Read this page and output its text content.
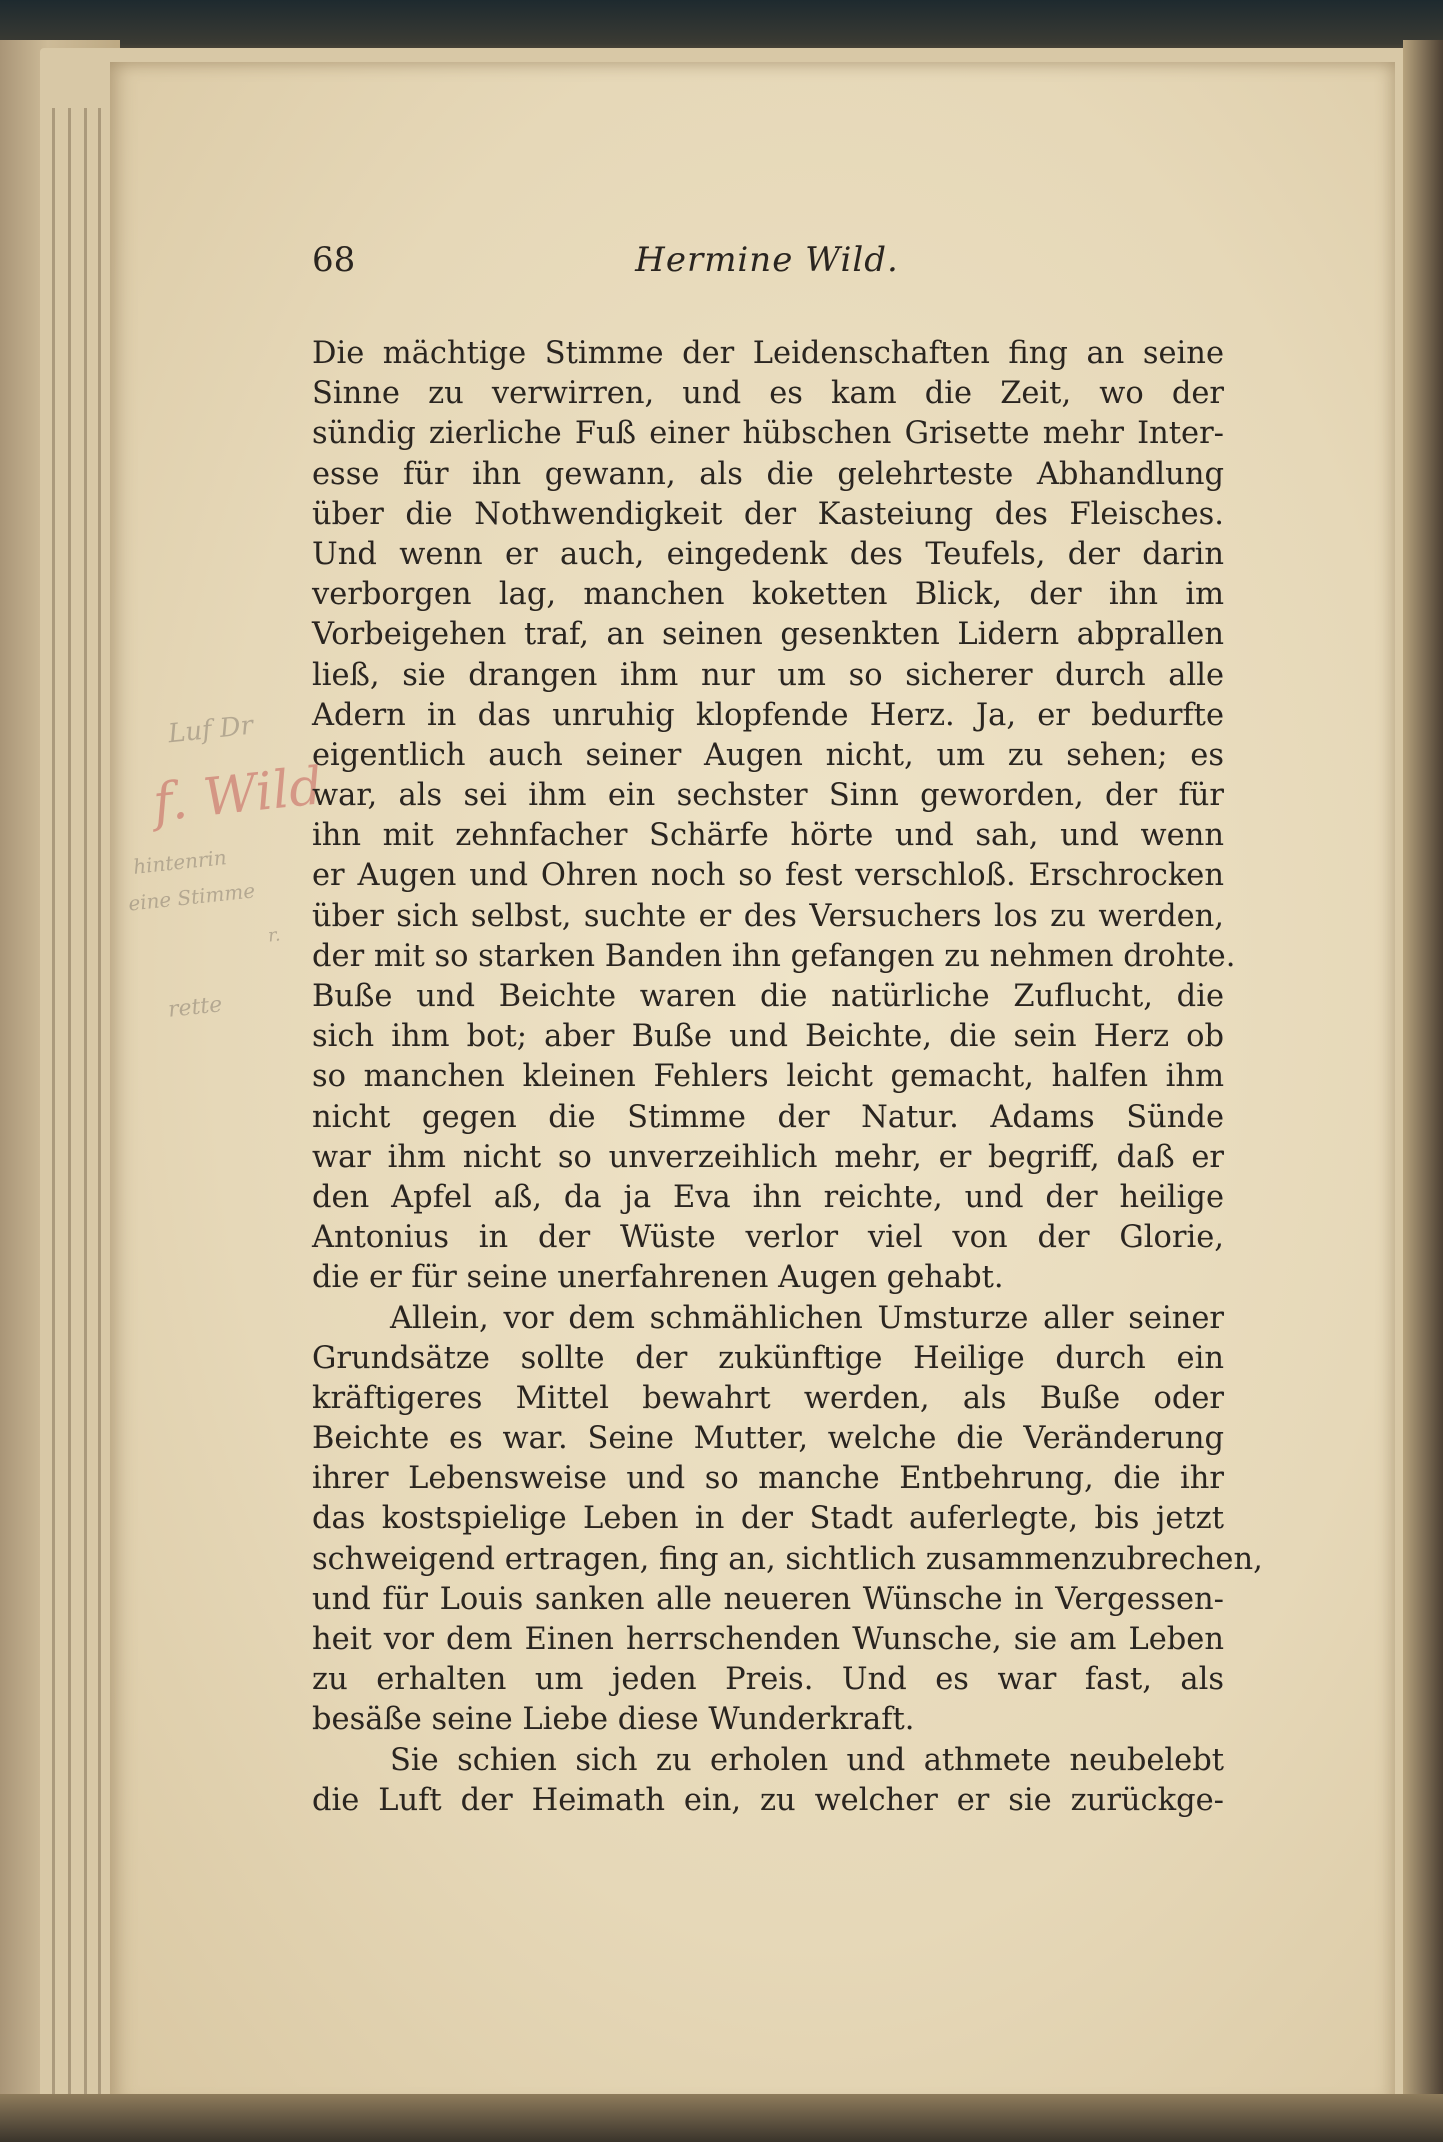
68	Hermine Wild.
Luf Dr
f. Wild
hintenrin
eine Stimme
r.
rette
Die mächtige Stimme der Leidenschaften fing an seine
Sinne zu verwirren, und es kam die Zeit, wo der
sündig zierliche Fuß einer hübschen Grisette mehr Inter-
esse für ihn gewann, als die gelehrteste Abhandlung
über die Nothwendigkeit der Kasteiung des Fleisches.
Und wenn er auch, eingedenk des Teufels, der darin
verborgen lag, manchen koketten Blick, der ihn im
Vorbeigehen traf, an seinen gesenkten Lidern abprallen
ließ, sie drangen ihm nur um so sicherer durch alle
Adern in das unruhig klopfende Herz. Ja, er bedurfte
eigentlich auch seiner Augen nicht, um zu sehen; es
war, als sei ihm ein sechster Sinn geworden, der für
ihn mit zehnfacher Schärfe hörte und sah, und wenn
er Augen und Ohren noch so fest verschloß. Erschrocken
über sich selbst, suchte er des Versuchers los zu werden,
der mit so starken Banden ihn gefangen zu nehmen drohte.
Buße und Beichte waren die natürliche Zuflucht, die
sich ihm bot; aber Buße und Beichte, die sein Herz ob
so manchen kleinen Fehlers leicht gemacht, halfen ihm
nicht gegen die Stimme der Natur. Adams Sünde
war ihm nicht so unverzeihlich mehr, er begriff, daß er
den Apfel aß, da ja Eva ihn reichte, und der heilige
Antonius in der Wüste verlor viel von der Glorie,
die er für seine unerfahrenen Augen gehabt.
Allein, vor dem schmählichen Umsturze aller seiner
Grundsätze sollte der zukünftige Heilige durch ein
kräftigeres Mittel bewahrt werden, als Buße oder
Beichte es war. Seine Mutter, welche die Veränderung
ihrer Lebensweise und so manche Entbehrung, die ihr
das kostspielige Leben in der Stadt auferlegte, bis jetzt
schweigend ertragen, fing an, sichtlich zusammenzubrechen,
und für Louis sanken alle neueren Wünsche in Vergessen-
heit vor dem Einen herrschenden Wunsche, sie am Leben
zu erhalten um jeden Preis. Und es war fast, als
besäße seine Liebe diese Wunderkraft.
Sie schien sich zu erholen und athmete neubelebt
die Luft der Heimath ein, zu welcher er sie zurückge-
